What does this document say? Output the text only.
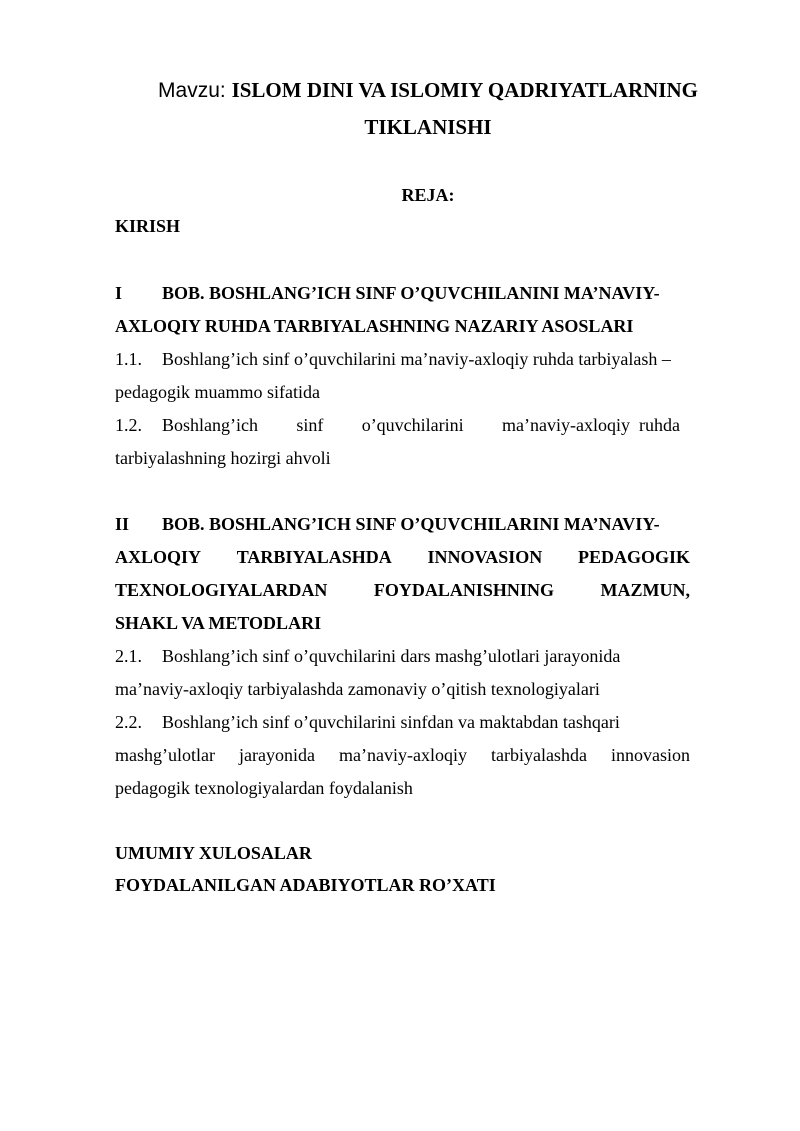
Mavzu: ISLOM DINI VA ISLOMIY QADRIYATLARNING
TIKLANISHI
REJA:
KIRISH
I BOB. BOSHLANG’ICH SINF O’QUVCHILANINI MA’NAVIY-
AXLOQIY RUHDA TARBIYALASHNING NAZARIY ASOSLARI
1.1. Boshlang’ich sinf o’quvchilarini ma’naviy-axloqiy ruhda tarbiyalash –
pedagogik muammo sifatida
1.2.	Boshlang’ich sinf o’quvchilarini ma’naviy-axloqiy  ruhda
tarbiyalashning hozirgi ahvoli
II BOB. BOSHLANG’ICH SINF O’QUVCHILARINI MA’NAVIY-
AXLOQIY TARBIYALASHDA INNOVASION PEDAGOGIK
TEXNOLOGIYALARDAN	FOYDALANISHNING	MAZMUN,
SHAKL VA METODLARI
2.1. Boshlang’ich sinf o’quvchilarini dars mashg’ulotlari jarayonida
ma’naviy-axloqiy tarbiyalashda zamonaviy o’qitish texnologiyalari
2.2. Boshlang’ich sinf o’quvchilarini sinfdan va maktabdan tashqari
mashg’ulotlar jarayonida ma’naviy-axloqiy tarbiyalashda innovasion
pedagogik texnologiyalardan foydalanish
UMUMIY XULOSALAR
FOYDALANILGAN ADABIYOTLAR RO’XATI
